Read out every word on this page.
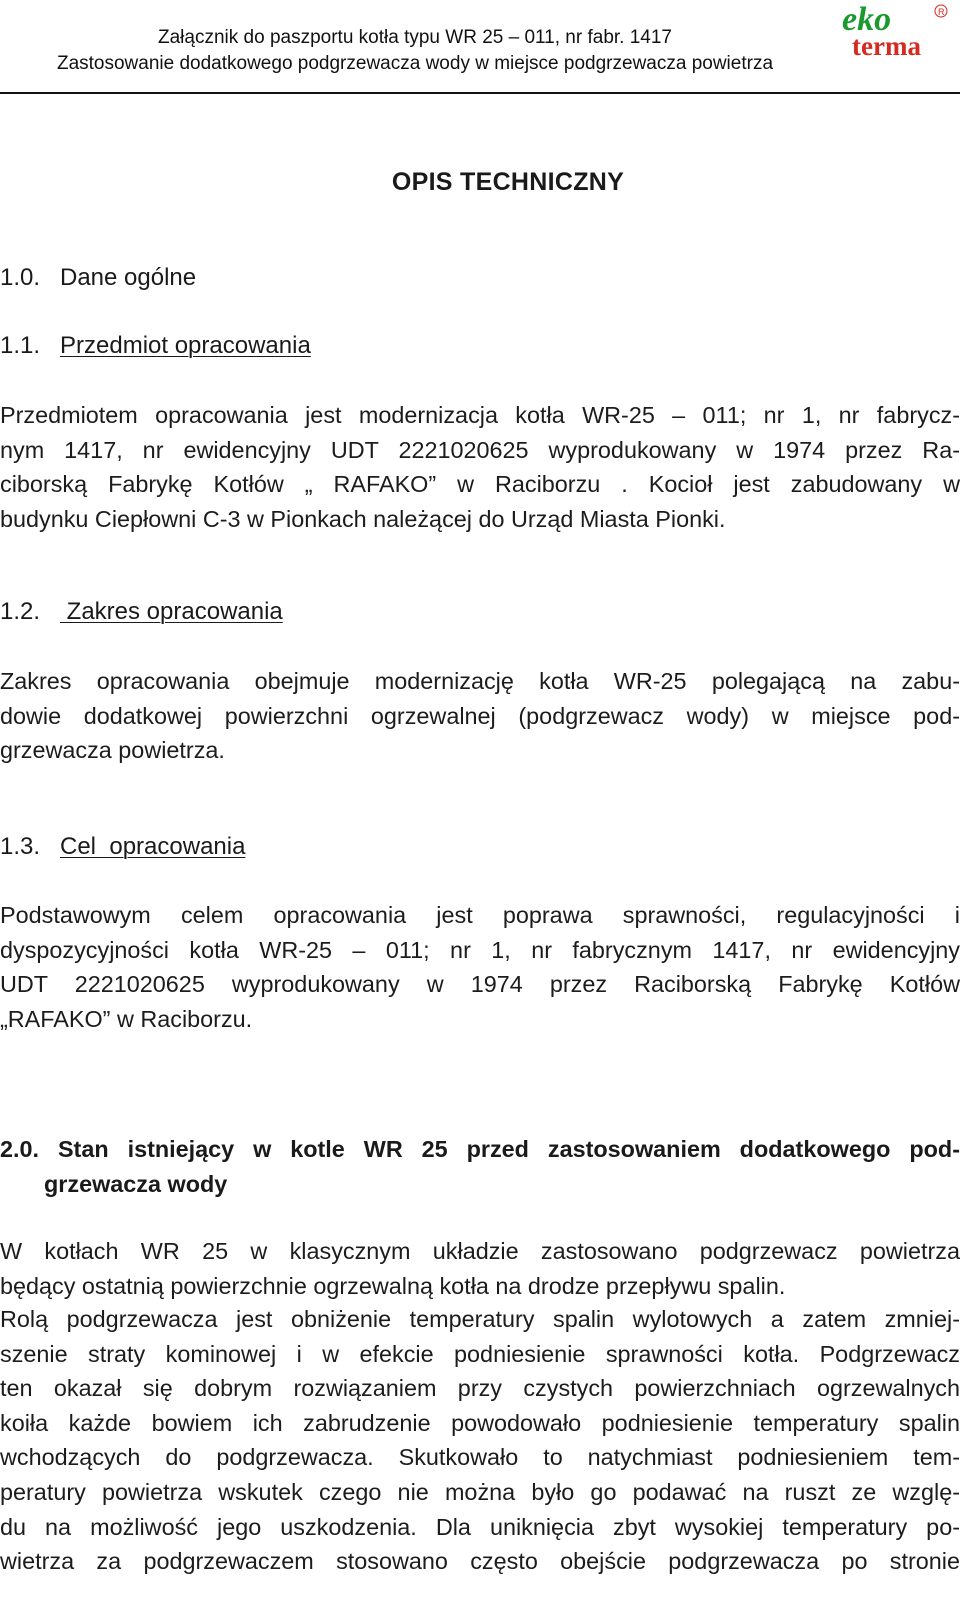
Załącznik do paszportu kotła typu WR 25 – 011, nr fabr. 1417
Zastosowanie dodatkowego podgrzewacza wody w miejsce podgrzewacza powietrza
eko	R
terma
OPIS TECHNICZNY
1.0. Dane ogólne
1.1. Przedmiot opracowania
Przedmiotem opracowania jest modernizacja kotła WR-25 – 011; nr 1, nr fabrycz-
nym 1417, nr ewidencyjny UDT 2221020625 wyprodukowany w 1974 przez Ra-
ciborską Fabrykę Kotłów „ RAFAKO” w Raciborzu . Kocioł jest zabudowany w
budynku Ciepłowni C-3 w Pionkach należącej do Urząd Miasta Pionki.
1.2. Zakres opracowania
Zakres opracowania obejmuje modernizację kotła WR-25 polegającą na zabu-
dowie dodatkowej powierzchni ogrzewalnej (podgrzewacz wody) w miejsce pod-
grzewacza powietrza.
1.3. Cel  opracowania
Podstawowym celem opracowania jest poprawa sprawności, regulacyjności i
dyspozycyjności kotła WR-25 – 011; nr 1, nr fabrycznym 1417, nr ewidencyjny
UDT 2221020625 wyprodukowany w 1974 przez Raciborską Fabrykę Kotłów
„RAFAKO” w Raciborzu.
2.0. Stan istniejący w kotle WR 25 przed zastosowaniem dodatkowego pod-
grzewacza wody
W kotłach WR 25 w klasycznym układzie zastosowano podgrzewacz powietrza
będący ostatnią powierzchnie ogrzewalną kotła na drodze przepływu spalin.
Rolą podgrzewacza jest obniżenie temperatury spalin wylotowych a zatem zmniej-
szenie straty kominowej i w efekcie podniesienie sprawności kotła. Podgrzewacz
ten okazał się dobrym rozwiązaniem przy czystych powierzchniach ogrzewalnych
koiła każde bowiem ich zabrudzenie powodowało podniesienie temperatury spalin
wchodzących do podgrzewacza. Skutkowało to natychmiast podniesieniem tem-
peratury powietrza wskutek czego nie można było go podawać na ruszt ze wzglę-
du na możliwość jego uszkodzenia. Dla uniknięcia zbyt wysokiej temperatury po-
wietrza za podgrzewaczem stosowano często obejście podgrzewacza po stronie
